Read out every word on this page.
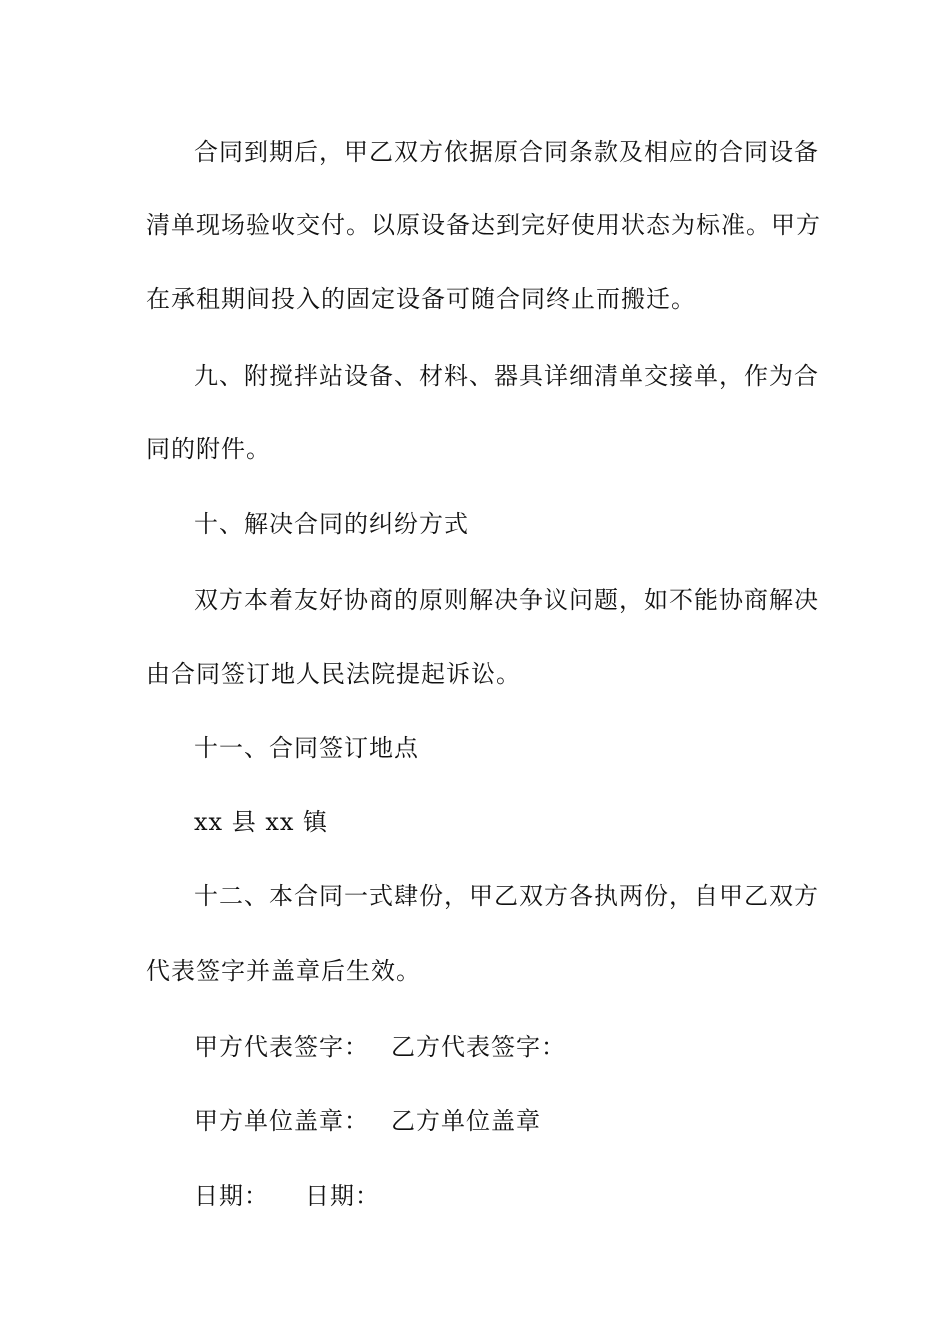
合同到期后，甲乙双方依据原合同条款及相应的合同设备
清单现场验收交付。以原设备达到完好使用状态为标准。甲方
在承租期间投入的固定设备可随合同终止而搬迁。
九、附搅拌站设备、材料、器具详细清单交接单，作为合
同的附件。
十、解决合同的纠纷方式
双方本着友好协商的原则解决争议问题，如不能协商解决
由合同签订地人民法院提起诉讼。
十一、合同签订地点
xx 县 xx 镇
十二、本合同一式肆份，甲乙双方各执两份，自甲乙双方
代表签字并盖章后生效。
甲方代表签字： 乙方代表签字：
甲方单位盖章： 乙方单位盖章
日期： 日期：
